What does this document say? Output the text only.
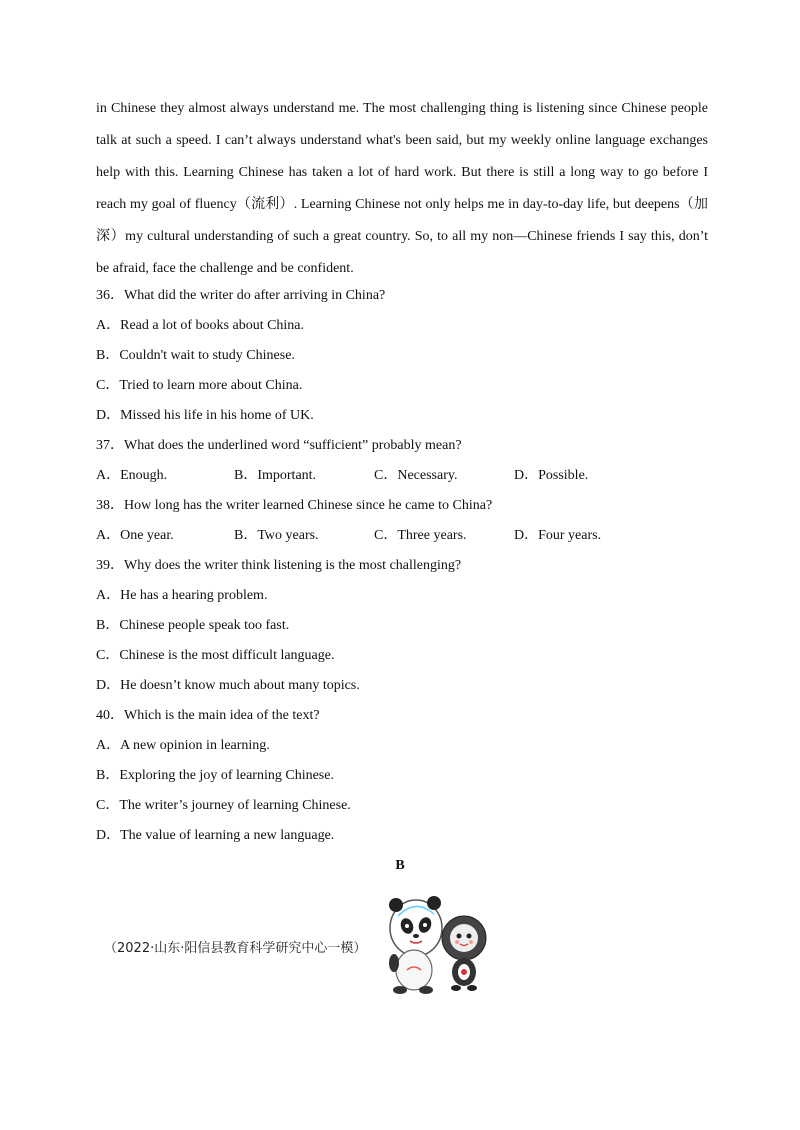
in Chinese they almost always understand me. The most challenging thing is listening since Chinese people talk at such a speed. I can’t always understand what's been said, but my weekly online language exchanges help with this. Learning Chinese has taken a lot of hard work. But there is still a long way to go before I reach my goal of fluency（流利）. Learning Chinese not only helps me in day-to-day life, but deepens（加深）my cultural understanding of such a great country. So, to all my non—Chinese friends I say this, don’t be afraid, face the challenge and be confident.

36．What did the writer do after arriving in China?
A．Read a lot of books about China.
B．Couldn't wait to study Chinese.
C．Tried to learn more about China.
D．Missed his life in his home of UK.
37．What does the underlined word “sufficient” probably mean?
A．Enough.	B．Important.	C．Necessary.	D．Possible.
38．How long has the writer learned Chinese since he came to China?
A．One year.	B．Two years.	C．Three years.	D．Four years.
39．Why does the writer think listening is the most challenging?
A．He has a hearing problem.
B．Chinese people speak too fast.
C．Chinese is the most difficult language.
D．He doesn’t know much about many topics.
40．Which is the main idea of the text?
A．A new opinion in learning.
B．Exploring the joy of learning Chinese.
C．The writer’s journey of learning Chinese.
D．The value of learning a new language.
B
（2022·山东·阳信县教育科学研究中心一模）
